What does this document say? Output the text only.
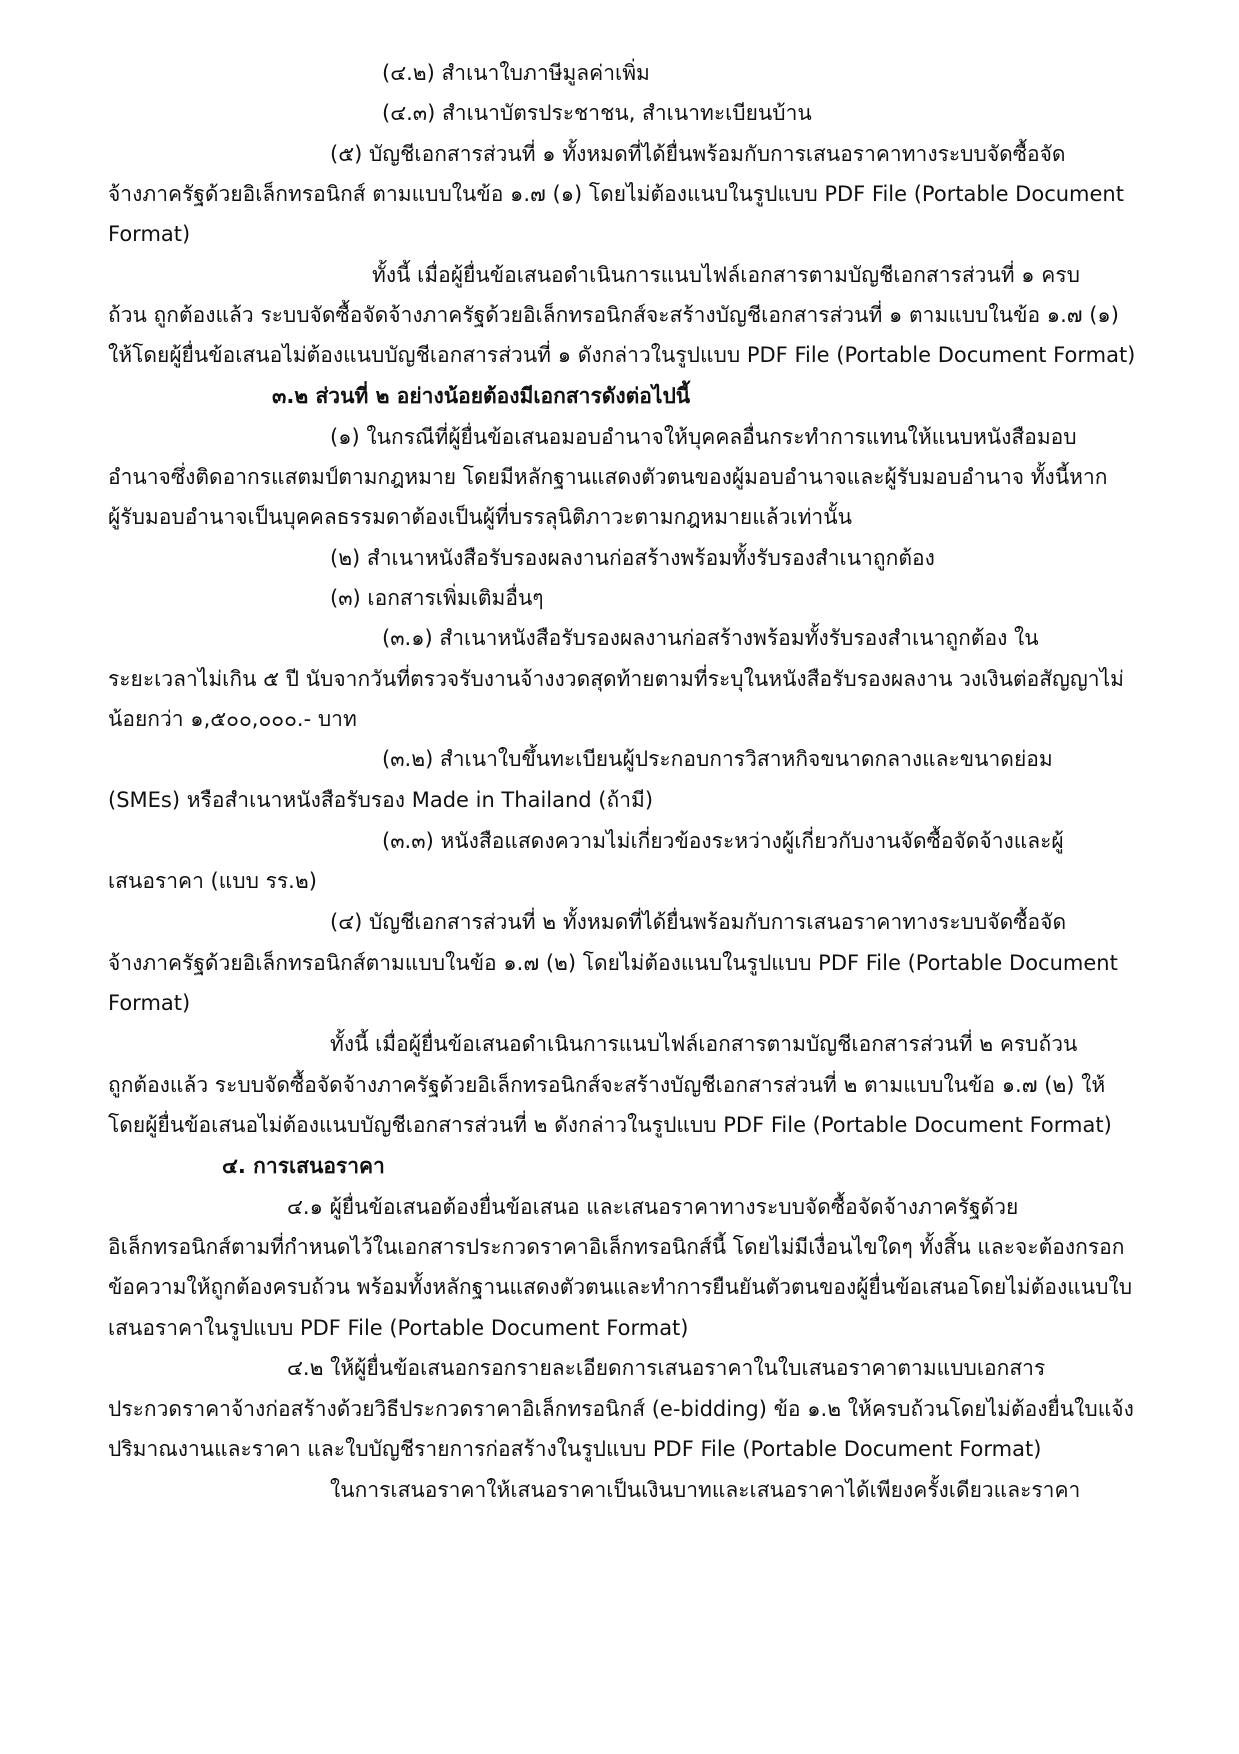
(๔.๒) สำเนาใบภาษีมูลค่าเพิ่ม
(๔.๓) สำเนาบัตรประชาชน, สำเนาทะเบียนบ้าน
(๕) บัญชีเอกสารส่วนที่ ๑ ทั้งหมดที่ได้ยื่นพร้อมกับการเสนอราคาทางระบบจัดซื้อจัด
จ้างภาครัฐด้วยอิเล็กทรอนิกส์ ตามแบบในข้อ ๑.๗ (๑) โดยไม่ต้องแนบในรูปแบบ PDF File (Portable Document
Format)
ทั้งนี้ เมื่อผู้ยื่นข้อเสนอดำเนินการแนบไฟล์เอกสารตามบัญชีเอกสารส่วนที่ ๑ ครบ
ถ้วน ถูกต้องแล้ว ระบบจัดซื้อจัดจ้างภาครัฐด้วยอิเล็กทรอนิกส์จะสร้างบัญชีเอกสารส่วนที่ ๑ ตามแบบในข้อ ๑.๗ (๑)
ให้โดยผู้ยื่นข้อเสนอไม่ต้องแนบบัญชีเอกสารส่วนที่ ๑ ดังกล่าวในรูปแบบ PDF File (Portable Document Format)
๓.๒ ส่วนที่ ๒ อย่างน้อยต้องมีเอกสารดังต่อไปนี้
(๑) ในกรณีที่ผู้ยื่นข้อเสนอมอบอำนาจให้บุคคลอื่นกระทำการแทนให้แนบหนังสือมอบ
อำนาจซึ่งติดอากรแสตมป์ตามกฎหมาย โดยมีหลักฐานแสดงตัวตนของผู้มอบอำนาจและผู้รับมอบอำนาจ ทั้งนี้หาก
ผู้รับมอบอำนาจเป็นบุคคลธรรมดาต้องเป็นผู้ที่บรรลุนิติภาวะตามกฎหมายแล้วเท่านั้น
(๒) สำเนาหนังสือรับรองผลงานก่อสร้างพร้อมทั้งรับรองสำเนาถูกต้อง
(๓) เอกสารเพิ่มเติมอื่นๆ
(๓.๑) สำเนาหนังสือรับรองผลงานก่อสร้างพร้อมทั้งรับรองสำเนาถูกต้อง ใน
ระยะเวลาไม่เกิน ๕ ปี นับจากวันที่ตรวจรับงานจ้างงวดสุดท้ายตามที่ระบุในหนังสือรับรองผลงาน วงเงินต่อสัญญาไม่
น้อยกว่า ๑,๕๐๐,๐๐๐.- บาท
(๓.๒) สำเนาใบขึ้นทะเบียนผู้ประกอบการวิสาหกิจขนาดกลางและขนาดย่อม
(SMEs) หรือสำเนาหนังสือรับรอง Made in Thailand (ถ้ามี)
(๓.๓) หนังสือแสดงความไม่เกี่ยวข้องระหว่างผู้เกี่ยวกับงานจัดซื้อจัดจ้างและผู้
เสนอราคา (แบบ รร.๒)
(๔) บัญชีเอกสารส่วนที่ ๒ ทั้งหมดที่ได้ยื่นพร้อมกับการเสนอราคาทางระบบจัดซื้อจัด
จ้างภาครัฐด้วยอิเล็กทรอนิกส์ตามแบบในข้อ ๑.๗ (๒) โดยไม่ต้องแนบในรูปแบบ PDF File (Portable Document
Format)
ทั้งนี้ เมื่อผู้ยื่นข้อเสนอดำเนินการแนบไฟล์เอกสารตามบัญชีเอกสารส่วนที่ ๒ ครบถ้วน
ถูกต้องแล้ว ระบบจัดซื้อจัดจ้างภาครัฐด้วยอิเล็กทรอนิกส์จะสร้างบัญชีเอกสารส่วนที่ ๒ ตามแบบในข้อ ๑.๗ (๒) ให้
โดยผู้ยื่นข้อเสนอไม่ต้องแนบบัญชีเอกสารส่วนที่ ๒ ดังกล่าวในรูปแบบ PDF File (Portable Document Format)
๔. การเสนอราคา
๔.๑ ผู้ยื่นข้อเสนอต้องยื่นข้อเสนอ และเสนอราคาทางระบบจัดซื้อจัดจ้างภาครัฐด้วย
อิเล็กทรอนิกส์ตามที่กำหนดไว้ในเอกสารประกวดราคาอิเล็กทรอนิกส์นี้ โดยไม่มีเงื่อนไขใดๆ ทั้งสิ้น และจะต้องกรอก
ข้อความให้ถูกต้องครบถ้วน พร้อมทั้งหลักฐานแสดงตัวตนและทำการยืนยันตัวตนของผู้ยื่นข้อเสนอโดยไม่ต้องแนบใบ
เสนอราคาในรูปแบบ PDF File (Portable Document Format)
๔.๒ ให้ผู้ยื่นข้อเสนอกรอกรายละเอียดการเสนอราคาในใบเสนอราคาตามแบบเอกสาร
ประกวดราคาจ้างก่อสร้างด้วยวิธีประกวดราคาอิเล็กทรอนิกส์ (e-bidding) ข้อ ๑.๒ ให้ครบถ้วนโดยไม่ต้องยื่นใบแจ้ง
ปริมาณงานและราคา และใบบัญชีรายการก่อสร้างในรูปแบบ PDF File (Portable Document Format)
ในการเสนอราคาให้เสนอราคาเป็นเงินบาทและเสนอราคาได้เพียงครั้งเดียวและราคา
